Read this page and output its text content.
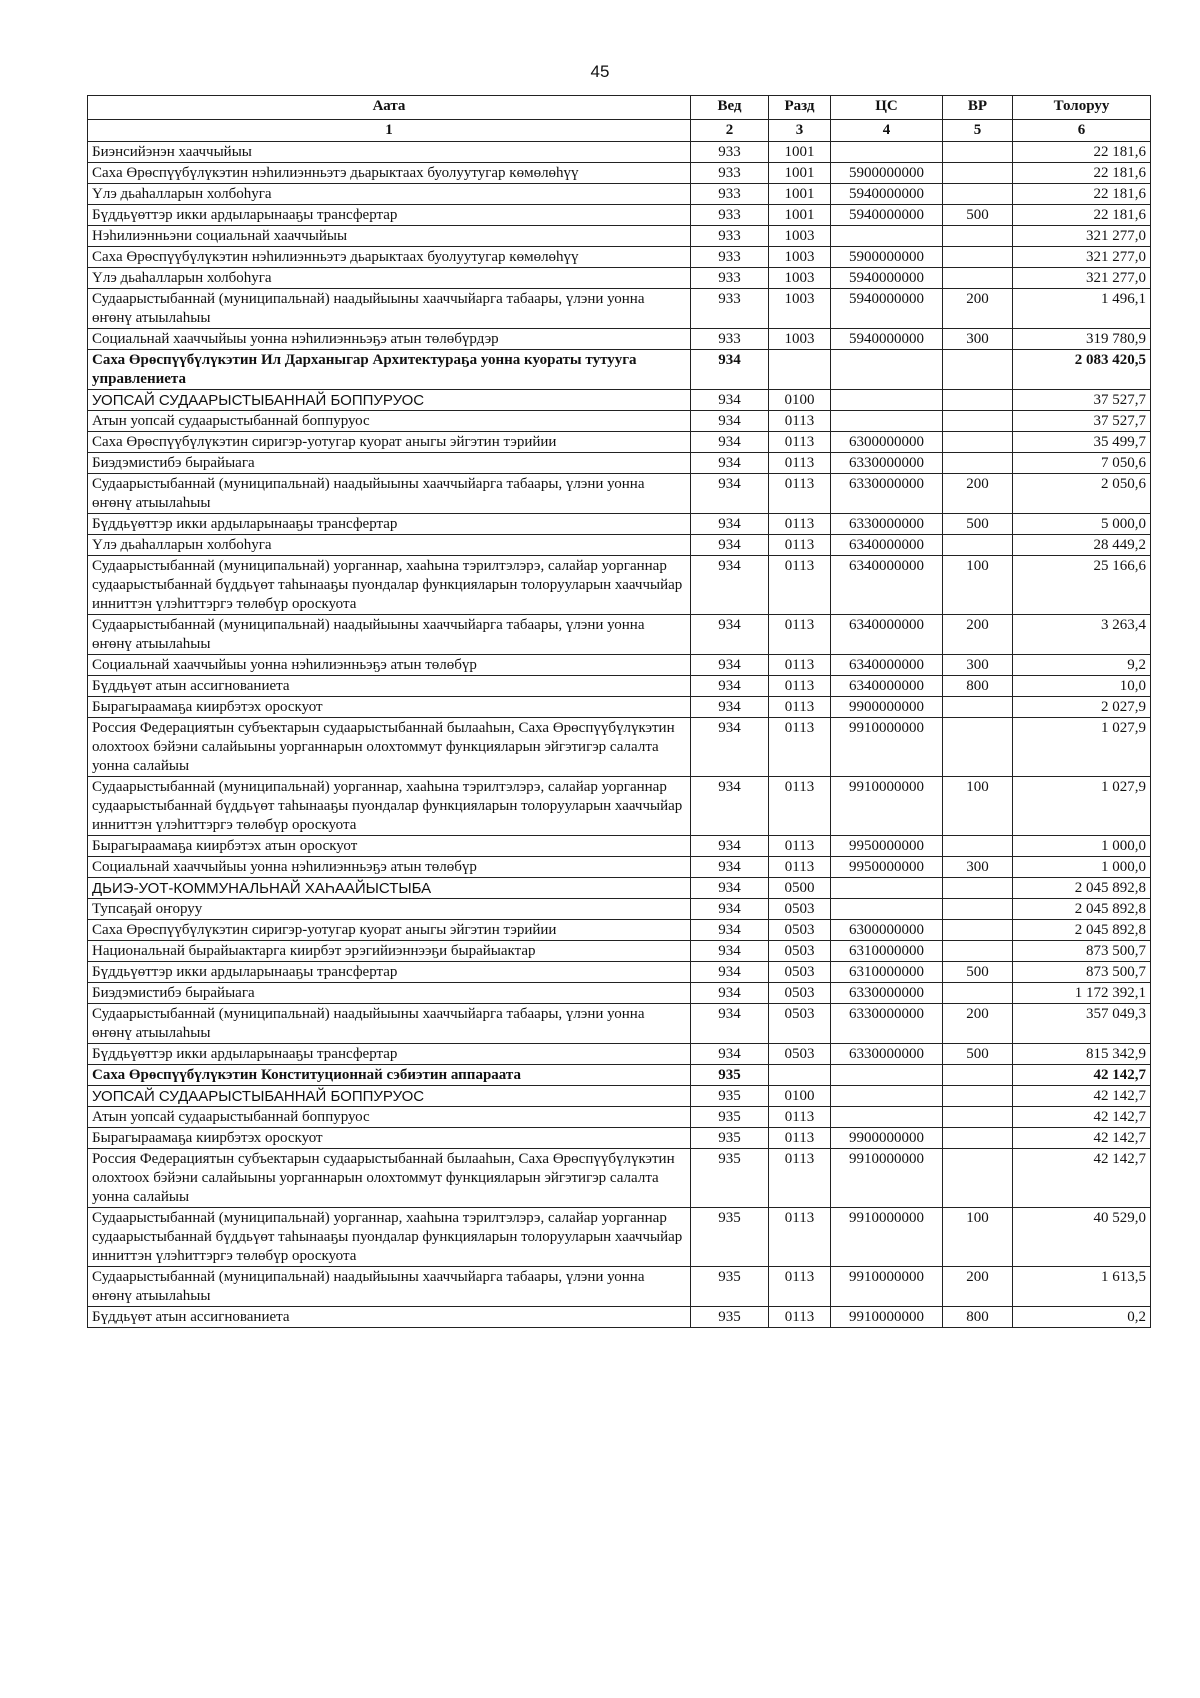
45
Аата	Вед	Разд	ЦС	ВР	Толоруу
1	2	3	4	5	6
Биэнсийэнэн хааччыйыы	933	1001			22 181,6
Саха Өрөспүүбүлүкэтин нэһилиэнньэтэ дьарыктаах буолуутугар көмөлөһүү	933	1001	5900000000		22 181,6
Үлэ дьаһалларын холбоһуга	933	1001	5940000000		22 181,6
Бүддьүөттэр икки ардыларынааҕы трансфертар	933	1001	5940000000	500	22 181,6
Нэһилиэнньэни социальнай хааччыйыы	933	1003			321 277,0
Саха Өрөспүүбүлүкэтин нэһилиэнньэтэ дьарыктаах буолуутугар көмөлөһүү	933	1003	5900000000		321 277,0
Үлэ дьаһалларын холбоһуга	933	1003	5940000000		321 277,0
Судаарыстыбаннай (муниципальнай) наадыйыыны хааччыйарга табаары, үлэни уонна өҥөнү атыылаһыы	933	1003	5940000000	200	1 496,1
Социальнай хааччыйыы уонна нэһилиэнньэҕэ атын төлөбүрдэр	933	1003	5940000000	300	319 780,9
Саха Өрөспүүбүлүкэтин Ил Дарханыгар Архитектураҕа уонна куораты тутууга управлениета	934				2 083 420,5
УОПСАЙ СУДААРЫСТЫБАННАЙ БОППУРУОС	934	0100			37 527,7
Атын уопсай судаарыстыбаннай боппуруос	934	0113			37 527,7
Саха Өрөспүүбүлүкэтин сиригэр-уотугар куорат аныгы эйгэтин тэрийии	934	0113	6300000000		35 499,7
Биэдэмистибэ бырайыага	934	0113	6330000000		7 050,6
Судаарыстыбаннай (муниципальнай) наадыйыыны хааччыйарга табаары, үлэни уонна өҥөнү атыылаһыы	934	0113	6330000000	200	2 050,6
Бүддьүөттэр икки ардыларынааҕы трансфертар	934	0113	6330000000	500	5 000,0
Үлэ дьаһалларын холбоһуга	934	0113	6340000000		28 449,2
Судаарыстыбаннай (муниципальнай) уорганнар, хааһына тэрилтэлэрэ, салайар уорганнар судаарыстыбаннай бүддьүөт таһынааҕы пуондалар функцияларын толорууларын хааччыйар инниттэн үлэһиттэргэ төлөбүр ороскуота	934	0113	6340000000	100	25 166,6
Судаарыстыбаннай (муниципальнай) наадыйыыны хааччыйарга табаары, үлэни уонна өҥөнү атыылаһыы	934	0113	6340000000	200	3 263,4
Социальнай хааччыйыы уонна нэһилиэнньэҕэ атын төлөбүр	934	0113	6340000000	300	9,2
Бүддьүөт атын ассигнованиета	934	0113	6340000000	800	10,0
Бырагыраамаҕа киирбэтэх ороскуот	934	0113	9900000000		2 027,9
Россия Федерациятын субъектарын судаарыстыбаннай былааһын, Саха Өрөспүүбүлүкэтин олохтоох бэйэни салайыыны уорганнарын олохтоммут функцияларын эйгэтигэр салалта уонна салайыы	934	0113	9910000000		1 027,9
Судаарыстыбаннай (муниципальнай) уорганнар, хааһына тэрилтэлэрэ, салайар уорганнар судаарыстыбаннай бүддьүөт таһынааҕы пуондалар функцияларын толорууларын хааччыйар инниттэн үлэһиттэргэ төлөбүр ороскуота	934	0113	9910000000	100	1 027,9
Бырагыраамаҕа киирбэтэх атын ороскуот	934	0113	9950000000		1 000,0
Социальнай хааччыйыы уонна нэһилиэнньэҕэ атын төлөбүр	934	0113	9950000000	300	1 000,0
ДЬИЭ-УОТ-КОММУНАЛЬНАЙ ХАҺААЙЫСТЫБА	934	0500			2 045 892,8
Тупсаҕай оҥоруу	934	0503			2 045 892,8
Саха Өрөспүүбүлүкэтин сиригэр-уотугар куорат аныгы эйгэтин тэрийии	934	0503	6300000000		2 045 892,8
Национальнай бырайыактарга киирбэт эрэгийиэннээҕи бырайыактар	934	0503	6310000000		873 500,7
Бүддьүөттэр икки ардыларынааҕы трансфертар	934	0503	6310000000	500	873 500,7
Биэдэмистибэ бырайыага	934	0503	6330000000		1 172 392,1
Судаарыстыбаннай (муниципальнай) наадыйыыны хааччыйарга табаары, үлэни уонна өҥөнү атыылаһыы	934	0503	6330000000	200	357 049,3
Бүддьүөттэр икки ардыларынааҕы трансфертар	934	0503	6330000000	500	815 342,9
Саха Өрөспүүбүлүкэтин Конституционнай сэбиэтин аппараата	935				42 142,7
УОПСАЙ СУДААРЫСТЫБАННАЙ БОППУРУОС	935	0100			42 142,7
Атын уопсай судаарыстыбаннай боппуруос	935	0113			42 142,7
Бырагыраамаҕа киирбэтэх ороскуот	935	0113	9900000000		42 142,7
Россия Федерациятын субъектарын судаарыстыбаннай былааһын, Саха Өрөспүүбүлүкэтин олохтоох бэйэни салайыыны уорганнарын олохтоммут функцияларын эйгэтигэр салалта уонна салайыы	935	0113	9910000000		42 142,7
Судаарыстыбаннай (муниципальнай) уорганнар, хааһына тэрилтэлэрэ, салайар уорганнар судаарыстыбаннай бүддьүөт таһынааҕы пуондалар функцияларын толорууларын хааччыйар инниттэн үлэһиттэргэ төлөбүр ороскуота	935	0113	9910000000	100	40 529,0
Судаарыстыбаннай (муниципальнай) наадыйыыны хааччыйарга табаары, үлэни уонна өҥөнү атыылаһыы	935	0113	9910000000	200	1 613,5
Бүддьүөт атын ассигнованиета	935	0113	9910000000	800	0,2
